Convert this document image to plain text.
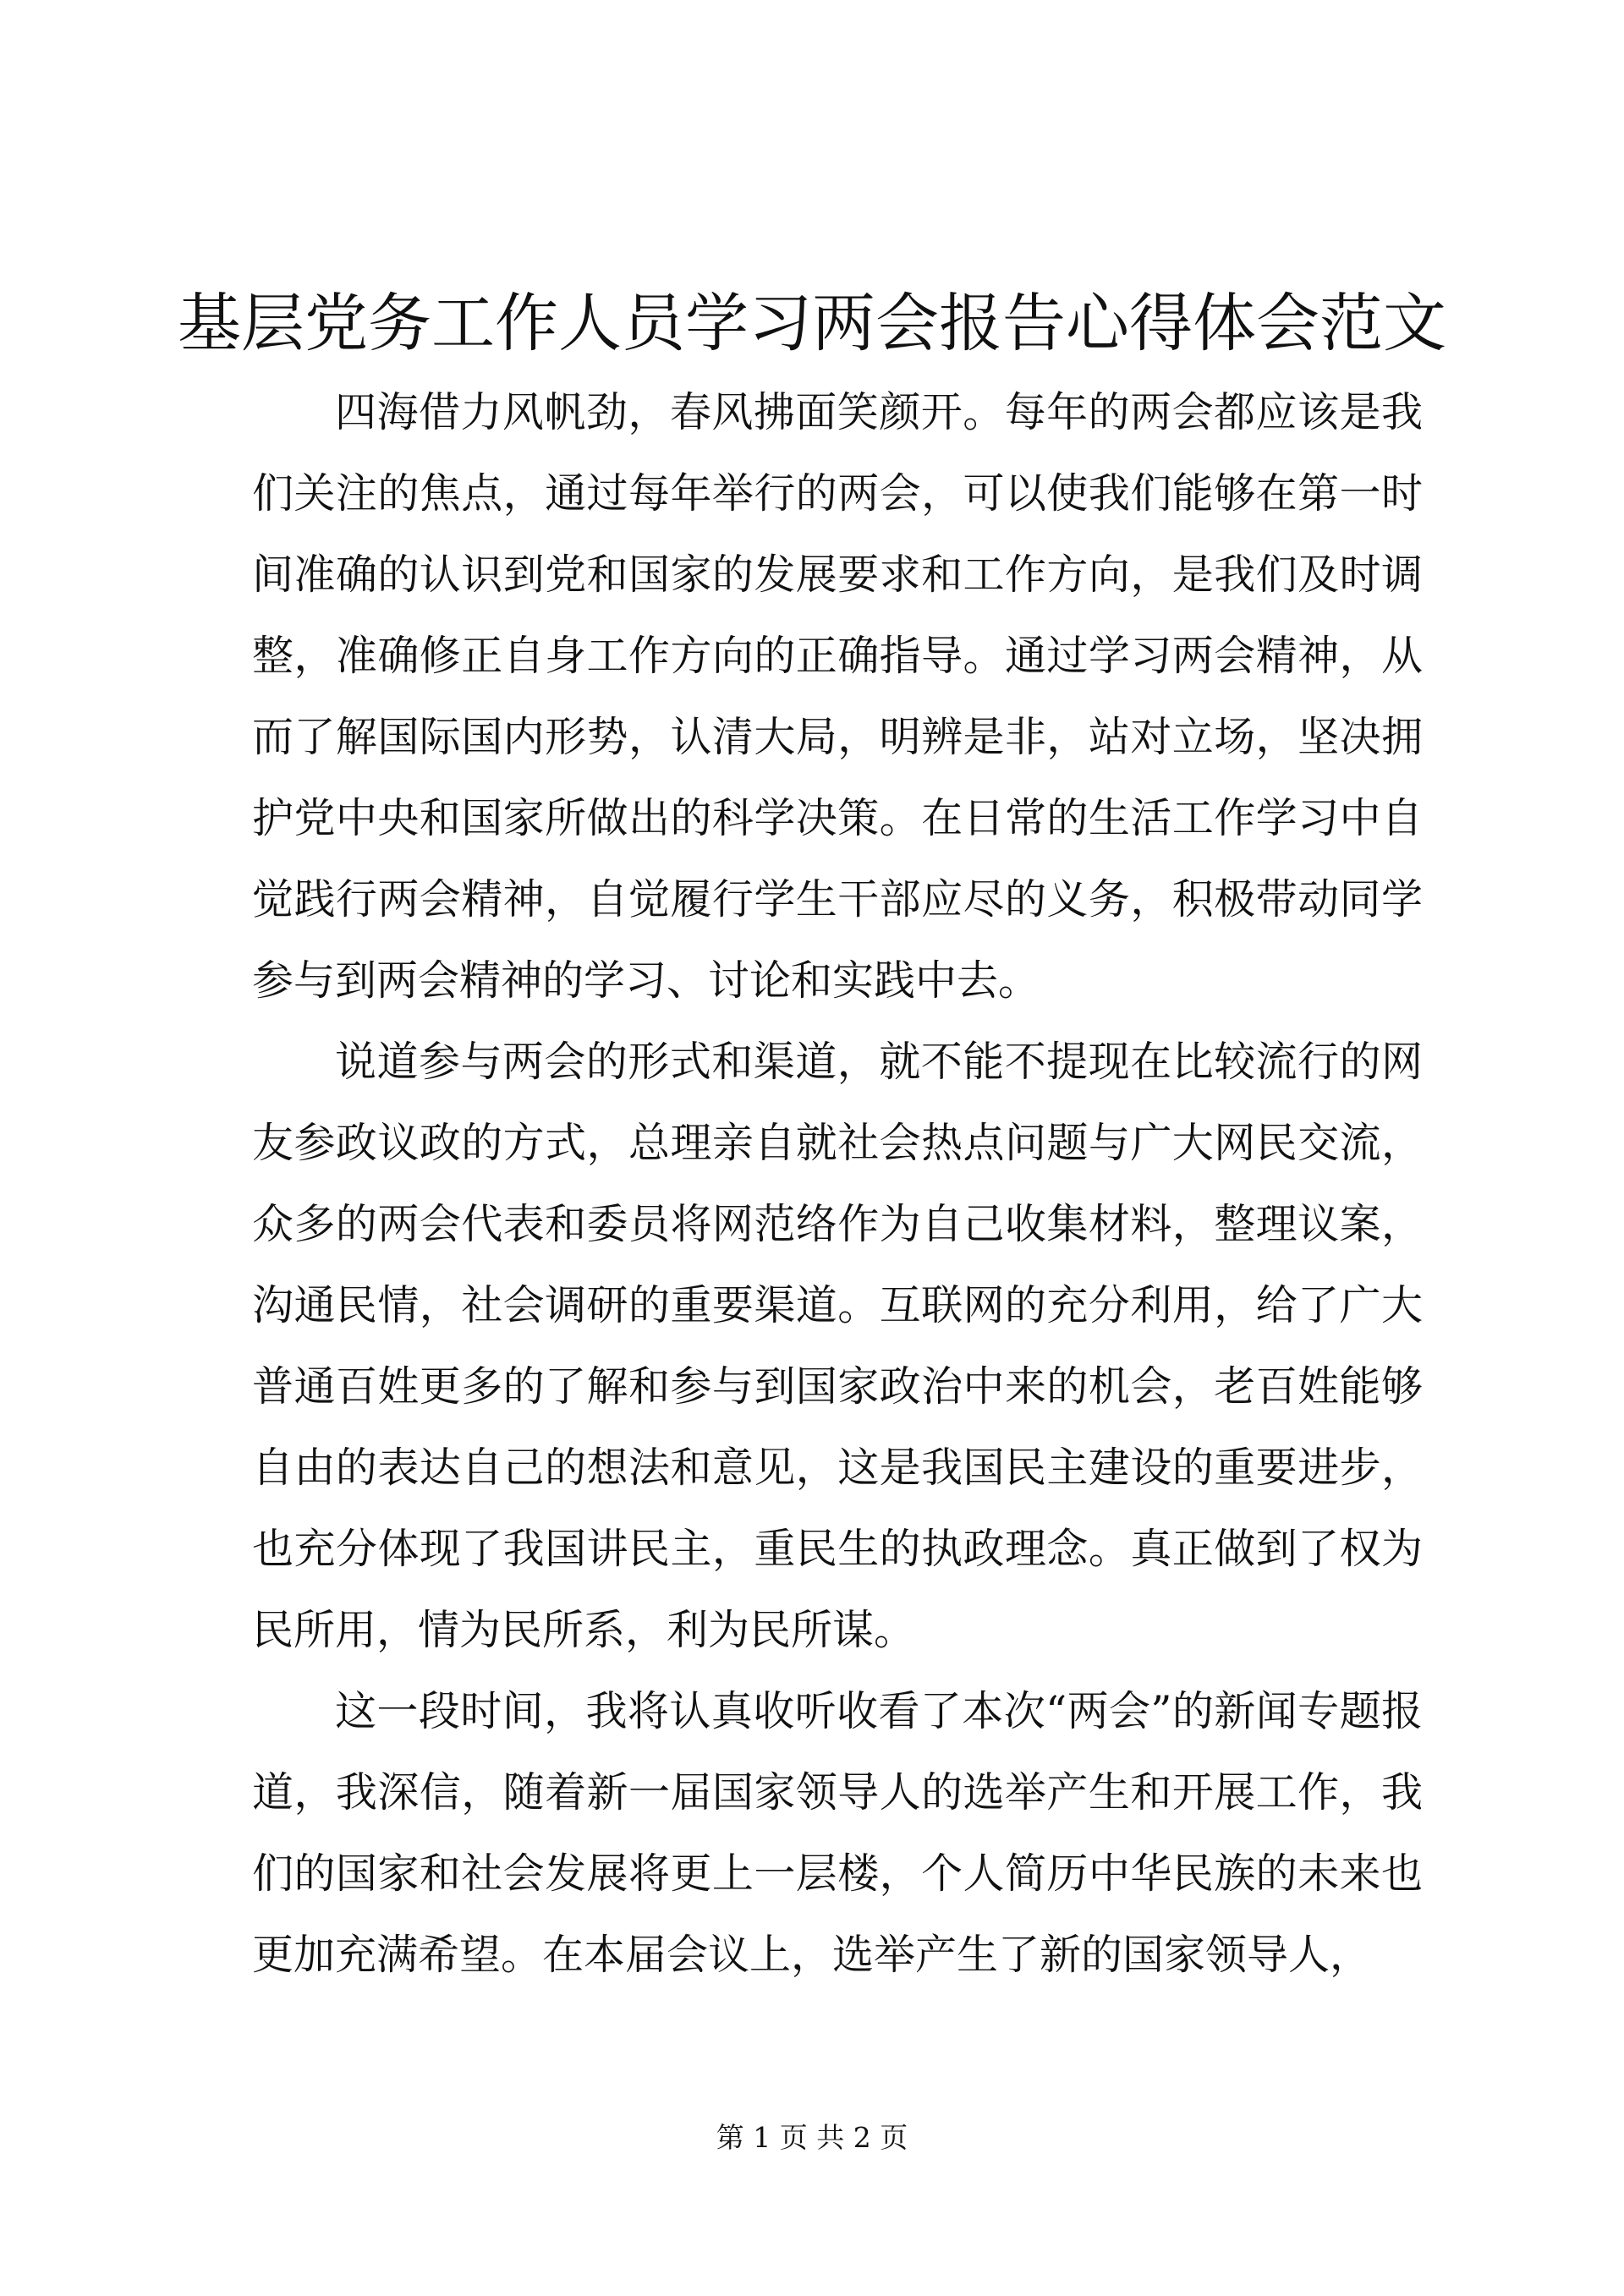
基层党务工作人员学习两会报告心得体会范文

四海借力风帆劲，春风拂面笑颜开。每年的两会都应该是我们关注的焦点，通过每年举行的两会，可以使我们能够在第一时间准确的认识到党和国家的发展要求和工作方向，是我们及时调整，准确修正自身工作方向的正确指导。通过学习两会精神，从而了解国际国内形势，认清大局，明辨是非，站对立场，坚决拥护党中央和国家所做出的科学决策。在日常的生活工作学习中自觉践行两会精神，自觉履行学生干部应尽的义务，积极带动同学参与到两会精神的学习、讨论和实践中去。

说道参与两会的形式和渠道，就不能不提现在比较流行的网友参政议政的方式，总理亲自就社会热点问题与广大网民交流，众多的两会代表和委员将网范络作为自己收集材料，整理议案，沟通民情，社会调研的重要渠道。互联网的充分利用，给了广大普通百姓更多的了解和参与到国家政治中来的机会，老百姓能够自由的表达自己的想法和意见，这是我国民主建设的重要进步，也充分体现了我国讲民主，重民生的执政理念。真正做到了权为民所用，情为民所系，利为民所谋。

这一段时间，我将认真收听收看了本次“两会”的新闻专题报道，我深信，随着新一届国家领导人的选举产生和开展工作，我们的国家和社会发展将更上一层楼，个人简历中华民族的未来也更加充满希望。在本届会议上，选举产生了新的国家领导人，

第 1 页 共 2 页
